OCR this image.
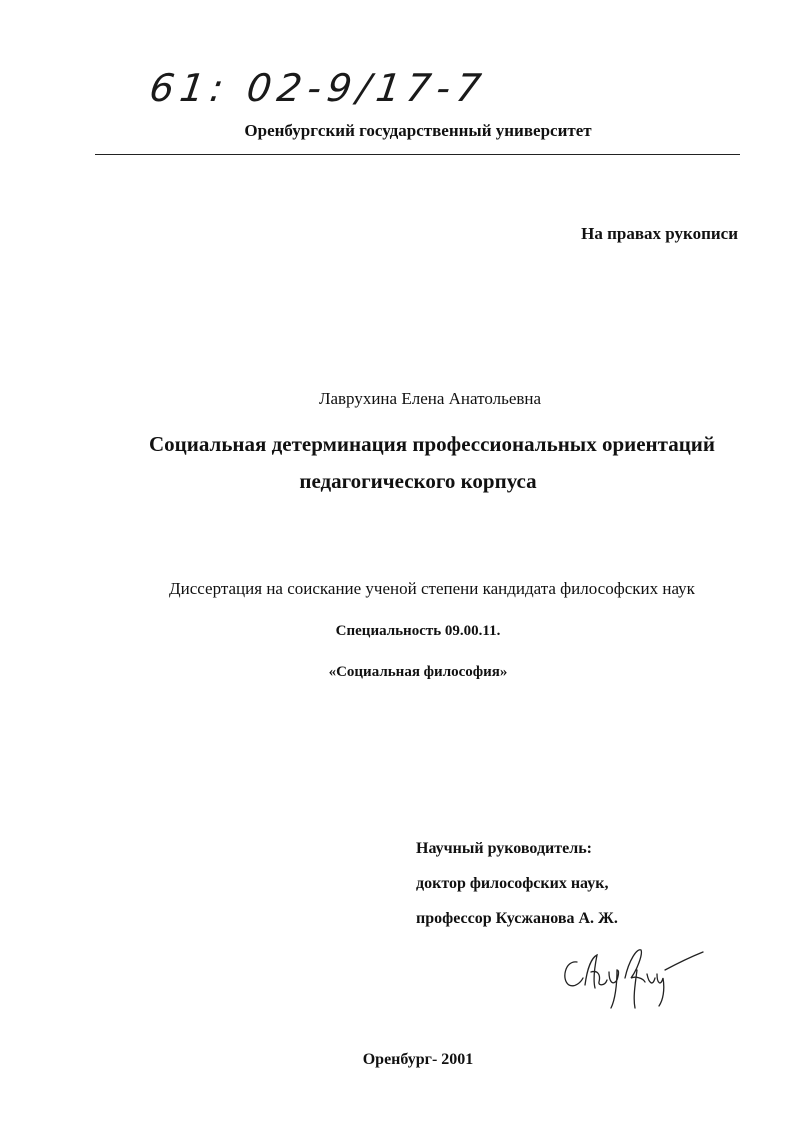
61: 02-9/17-7
Оренбургский государственный университет
На правах рукописи
Лаврухина Елена Анатольевна
Социальная детерминация профессиональных ориентаций
педагогического корпуса
Диссертация на соискание ученой степени кандидата философских наук
Специальность 09.00.11.
«Социальная философия»
Научный руководитель:
доктор философских наук,
профессор Кусжанова А. Ж.
Оренбург- 2001
